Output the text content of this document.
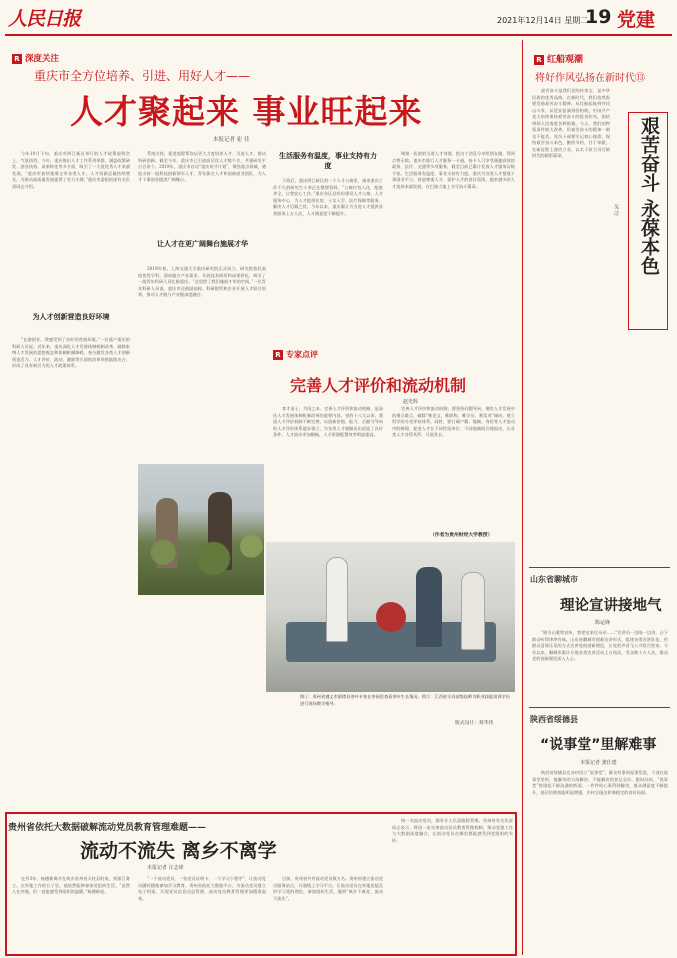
人民日报	2021年12月14日 星期二
19 党建
R 深度关注
重庆市全方位培养、引进、用好人才——
人才聚起来 事业旺起来
本报记者 崔 佳

今年10月下旬，重庆市两江新区举行的人才政策说明会上，气氛热烈。今年，重庆推出人才工作系列举措，涵盖政策研发、创业扶持、成果转化等多方面，吸引了一大批优秀人才来渝发展。“重庆市加快集聚全市各类人才，人才资源总量持续增长，为推动高质量发展提供了有力支撑。”重庆市委组织部有关负责同志介绍。

为人才创新营造良好环境

“在渝创业，我感受到了良好的营商环境。”一位落户重庆的科研人员说。近年来，重庆深化人才发展体制机制改革，破除束缚人才发展的思想观念和体制机制障碍，充分激发各类人才创新创造活力。人才评价、流动、激励等方面的改革举措陆续出台，形成了具有吸引力的人才政策体系。

系统支持，促进流程帮你以更大力度培养人才、引进人才，推动科研创新。截至今年，重庆市已引进高层次人才数千名，共建研发平台百余个。2019年，重庆市启动“重庆英才计划”，聚焦重点领域，遴选支持一批科技创新领军人才、青年拔尖人才和创新创业团队，为人才干事创业提供广阔舞台。

让人才在更广阔舞台施展才华

2019年春，上海交通大学重庆研究院正式成立。研究院依托高校优势学科，面向地方产业需求，开展技术研发和成果转化，吸引了一批青年科研人员扎根重庆。“这里给了我们施展才华的空间。”一位青年科研人员说。重庆市还鼓励高校、科研院所和企业开展人才联合培养，推动人才链与产业链深度融合。

生活服务有温度，事业支持有力度

下班后，重庆两江新区的一个人才公寓里，刚来重庆工作不久的研究生小李正在整理资料。“公寓拎包入住，配套齐全，让我安心工作。”重庆各区县纷纷建设人才公寓、人才服务中心，为人才提供住房、子女入学、医疗保障等服务，解决人才后顾之忧。今年以来，重庆累计为引进人才提供各类服务上万人次，人才满意度不断提升。

调第一医院的引进人才刘建，把这个消息分享给朋友圈，得到点赞无数。重庆市推行人才服务一卡通，持卡人可享受便捷高效的政务、医疗、交通等多项服务，截至目前已累计发放人才服务证数千张。生活服务有温度，事业支持有力度。重庆为各类人才搭建干事创业平台，营造尊重人才、爱护人才的良好氛围，越来越多的人才选择来渝发展，在巴渝大地上书写奋斗篇章。

R 专家点评
完善人才评价和流动机制
赵光辉

育才造士，为国之本。完善人才评价和流动机制，是深化人才发展体制机制改革的重要内容。党的十八大以来，我国人才评价机制不断完善，以创新价值、能力、贡献为导向的人才评价体系逐步建立，为各类人才脱颖而出创造了良好条件。人才流动更加顺畅，人才资源配置效率明显提高。

完善人才评价和流动机制，要坚持问题导向，聚焦人才发展中的堵点难点，破除“唯论文、唯职称、唯学历、唯奖项”倾向，建立科学的分类评价体系。同时，要打破户籍、地域、身份等人才流动中的障碍，促进人才在不同性质单位、不同地域间合理流动，让各类人才各得其所、尽展其长。

（作者为贵州财经大学教授）
图①：贵州省遵义市湄潭县茶叶专家在茶园里查看茶叶生长情况。图②：江西省丰县高级技师为职业技能培训学员进行现场教学指导。
版式设计：蔡华伟
贵州省依托大数据破解流动党员教育管理难题——
流动不流失 离乡不离学
本报记者 汪志球

在外3年，杨德新离开在故乡贵州省天柱县的家，到浙江务工。在外地工作的日子里，他依然能够参加党组织生活。“虽然人在外地，但一直能感受到组织的温暖。”杨德新说。

“一个流动党员、一张党员证明卡、一个学习小程序”，让流动党员随时随地参加学习教育。贵州省依托大数据平台，为流动党员建立电子档案，实现党员信息动态管理，流动党员教育管理更加精准高效。

目前，贵州省共有流动党员数万名。贵州省建立流动党员服务站点，开通线上学习平台，让流动党员在外地也能及时学习党的理论，参加组织生活，做到“离乡不离党、流动不流失”。

格一名流动党员，都有专人负责跟踪管理。贵州省有关负责同志表示，将进一步完善流动党员教育管理机制，推动党建工作与大数据深度融合，让流动党员在哪里都能感受到党组织的关怀。

R 红船观潮
将好作风弘扬在新时代⑬
艰苦奋斗 永葆本色
吴 洁

艰苦奋斗是我们党的传家宝，是中华民族的优秀品格。在新时代，我们依然需要发扬艰苦奋斗精神。从红船起航到井冈山斗争，从延安窑洞到西柏坡，中国共产党人始终保持艰苦奋斗的优良作风，团结带领人民战胜各种困难。今天，我们的物质条件极大改善，但艰苦奋斗的精神一刻也不能丢。党员干部要牢记初心使命，保持艰苦奋斗本色，勤俭节约，甘于奉献，在新征程上建功立业，以实干担当书写新时代的精彩篇章。

山东省聊城市
理论宣讲接地气
陈运锋

“唱支山歌给党听，我把党来比母亲……”宣讲员一边唱一边讲，台下群众听得津津有味。山东省聊城市创新宣讲形式，组建各类宣讲队伍，用群众喜闻乐见的方式宣讲党的创新理论，让党的声音飞入寻常百姓家。今年以来，聊城市累计开展各类宣讲活动上万场次，受众数十万人次，推动党的创新理论深入人心。

陕西省绥德县
“说事堂”里解难事
本报记者 龚仕建

陕西省绥德县在各村设立“说事堂”，群众有事到说事堂说，干部在说事堂里听，能解决的当场解决，不能解决的登记交办、限时办结。“说事堂”搭建起干群沟通的桥梁，一件件烦心事得到解决，群众满意度不断提升，基层治理效能明显增强，乡村呈现出和谐稳定的良好局面。
